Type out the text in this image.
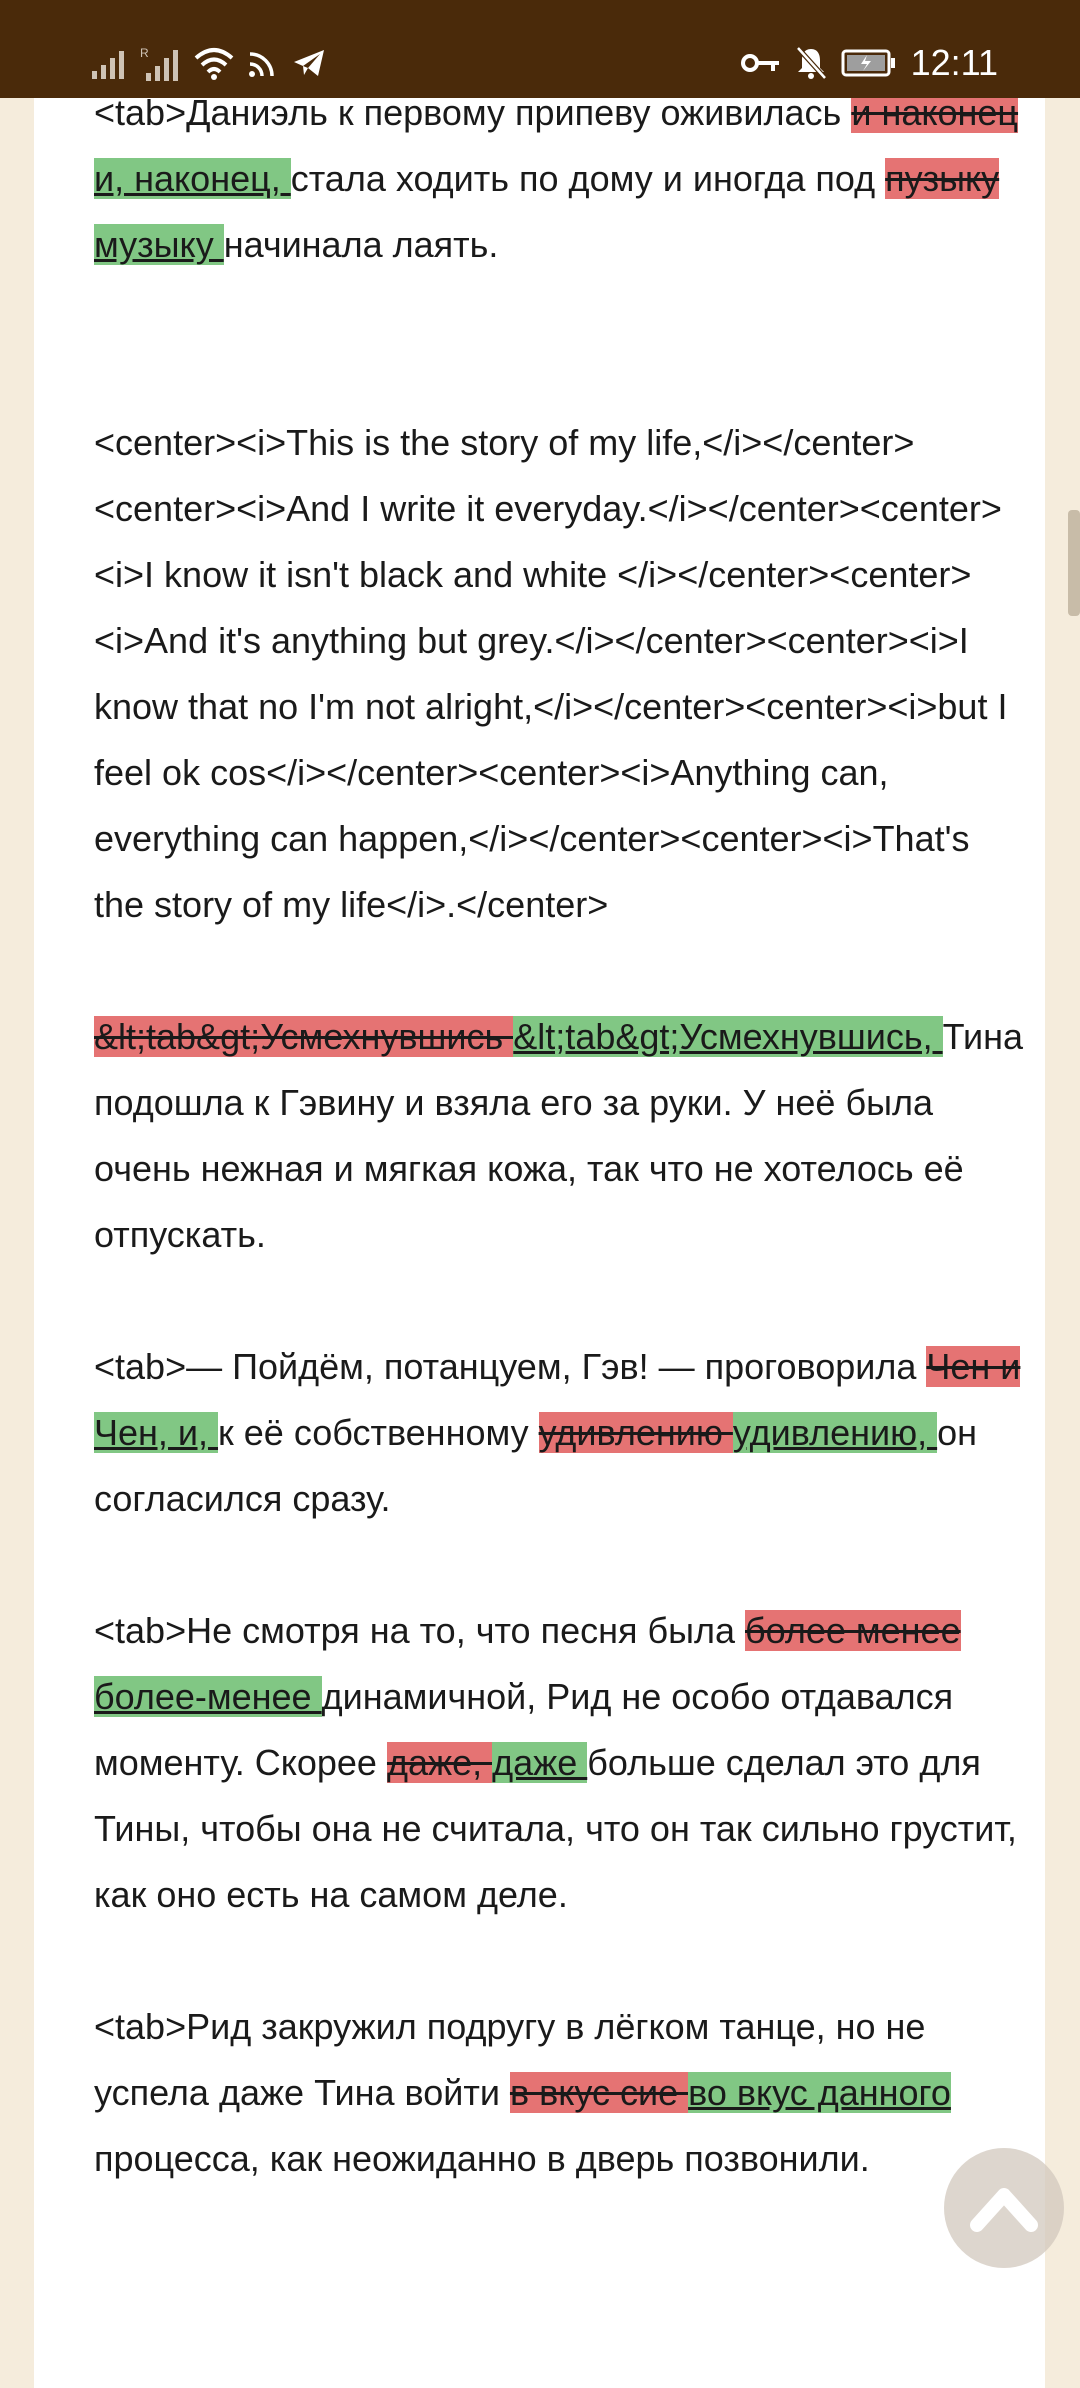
R	12:11

<tab>Даниэль к первому припеву оживилась и наконец и, наконец, стала ходить по дому и иногда под пузыку музыку начинала лаять.

<center><i>This is the story of my life,</i></center><center><i>And I write it everyday.</i></center><center><i>I know it isn't black and white </i></center><center><i>And it's anything but grey.</i></center><center><i>I know that no I'm not alright,</i></center><center><i>but I feel ok cos</i></center><center><i>Anything can, everything can happen,</i></center><center><i>That's the story of my life</i>.</center>

&lt;tab&gt;Усмехнувшись &lt;tab&gt;Усмехнувшись, Тина подошла к Гэвину и взяла его за руки. У неё была очень нежная и мягкая кожа, так что не хотелось её отпускать.

<tab>— Пойдём, потанцуем, Гэв! — проговорила Чен и Чен, и, к её собственному удивлению удивлению, он согласился сразу.

<tab>Не смотря на то, что песня была более менее более-менее динамичной, Рид не особо отдавался моменту. Скорее даже, даже больше сделал это для Тины, чтобы она не считала, что он так сильно грустит, как оно есть на самом деле.

<tab>Рид закружил подругу в лёгком танце, но не успела даже Тина войти в вкус сие во вкус данного процесса, как неожиданно в дверь позвонили.
